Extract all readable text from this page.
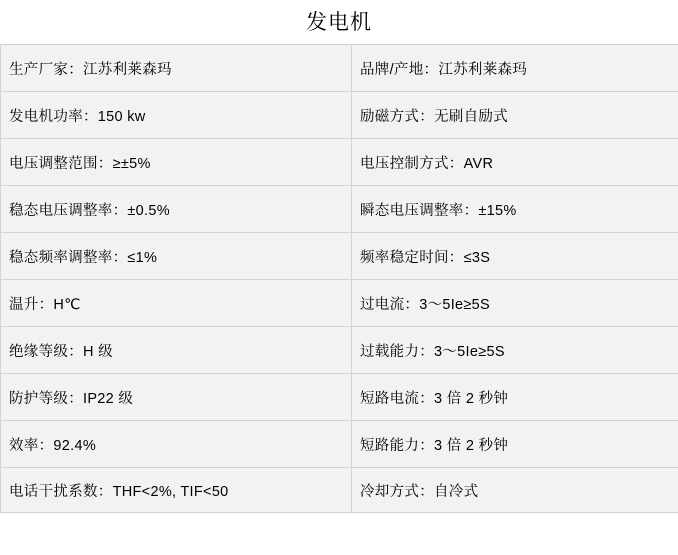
发电机
生产厂家：江苏利莱森玛	品牌/产地：江苏利莱森玛
发电机功率：150 kw	励磁方式：无刷自励式
电压调整范围：≥±5%	电压控制方式：AVR
稳态电压调整率：±0.5%	瞬态电压调整率：±15%
稳态频率调整率：≤1%	频率稳定时间：≤3S
温升：H℃	过电流：3～5Ie≥5S
绝缘等级：H 级	过载能力：3～5Ie≥5S
防护等级：IP22 级	短路电流：3 倍 2 秒钟
效率：92.4%	短路能力：3 倍 2 秒钟
电话干扰系数：THF<2%, TIF<50	冷却方式：自冷式
